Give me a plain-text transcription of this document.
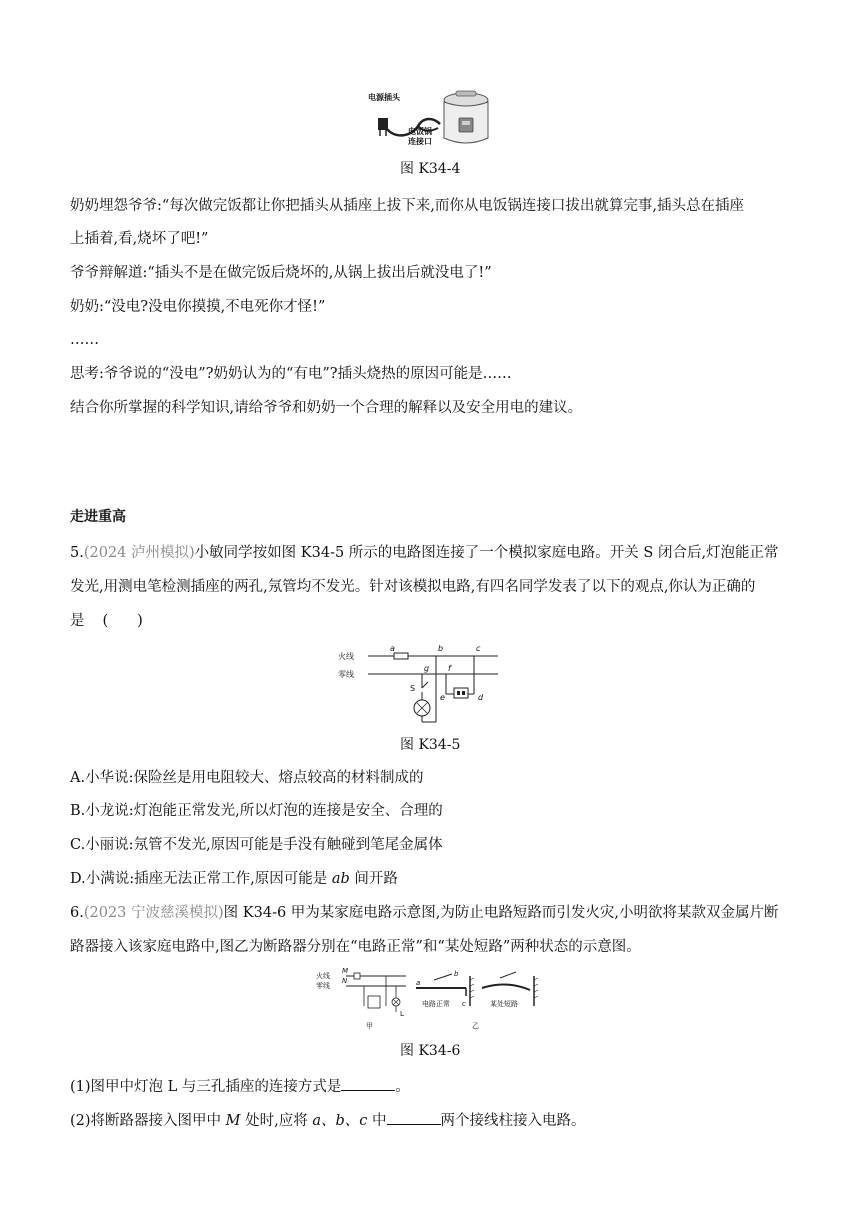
电源插头
电饭锅
连接口
图 K34-4
奶奶埋怨爷爷:“每次做完饭都让你把插头从插座上拔下来,而你从电饭锅连接口拔出就算完事,插头总在插座
上插着,看,烧坏了吧!”
爷爷辩解道:“插头不是在做完饭后烧坏的,从锅上拔出后就没电了!”
奶奶:“没电?没电你摸摸,不电死你才怪!”
……
思考:爷爷说的“没电”?奶奶认为的“有电”?插头烧热的原因可能是……
结合你所掌握的科学知识,请给爷爷和奶奶一个合理的解释以及安全用电的建议。
走进重高
5.(2024 泸州模拟)小敏同学按如图 K34-5 所示的电路图连接了一个模拟家庭电路。开关 S 闭合后,灯泡能正常
发光,用测电笔检测插座的两孔,氖管均不发光。针对该模拟电路,有四名同学发表了以下的观点,你认为正确的
是 (　　)
火线
零线
a	b	c
g f
e	d
S
图 K34-5
A.小华说:保险丝是用电阻较大、熔点较高的材料制成的
B.小龙说:灯泡能正常发光,所以灯泡的连接是安全、合理的
C.小丽说:氖管不发光,原因可能是手没有触碰到笔尾金属体
D.小满说:插座无法正常工作,原因可能是 ab 间开路
6.(2023 宁波慈溪模拟)图 K34-6 甲为某家庭电路示意图,为防止电路短路而引发火灾,小明欲将某款双金属片断
路器接入该家庭电路中,图乙为断路器分别在“电路正常”和“某处短路”两种状态的示意图。
火线
零线
M
N
L
甲
a
b
c
电路正常	某处短路
乙
图 K34-6
(1)图甲中灯泡 L 与三孔插座的连接方式是	。
(2)将断路器接入图甲中 M 处时,应将 a、b、c 中	两个接线柱接入电路。
